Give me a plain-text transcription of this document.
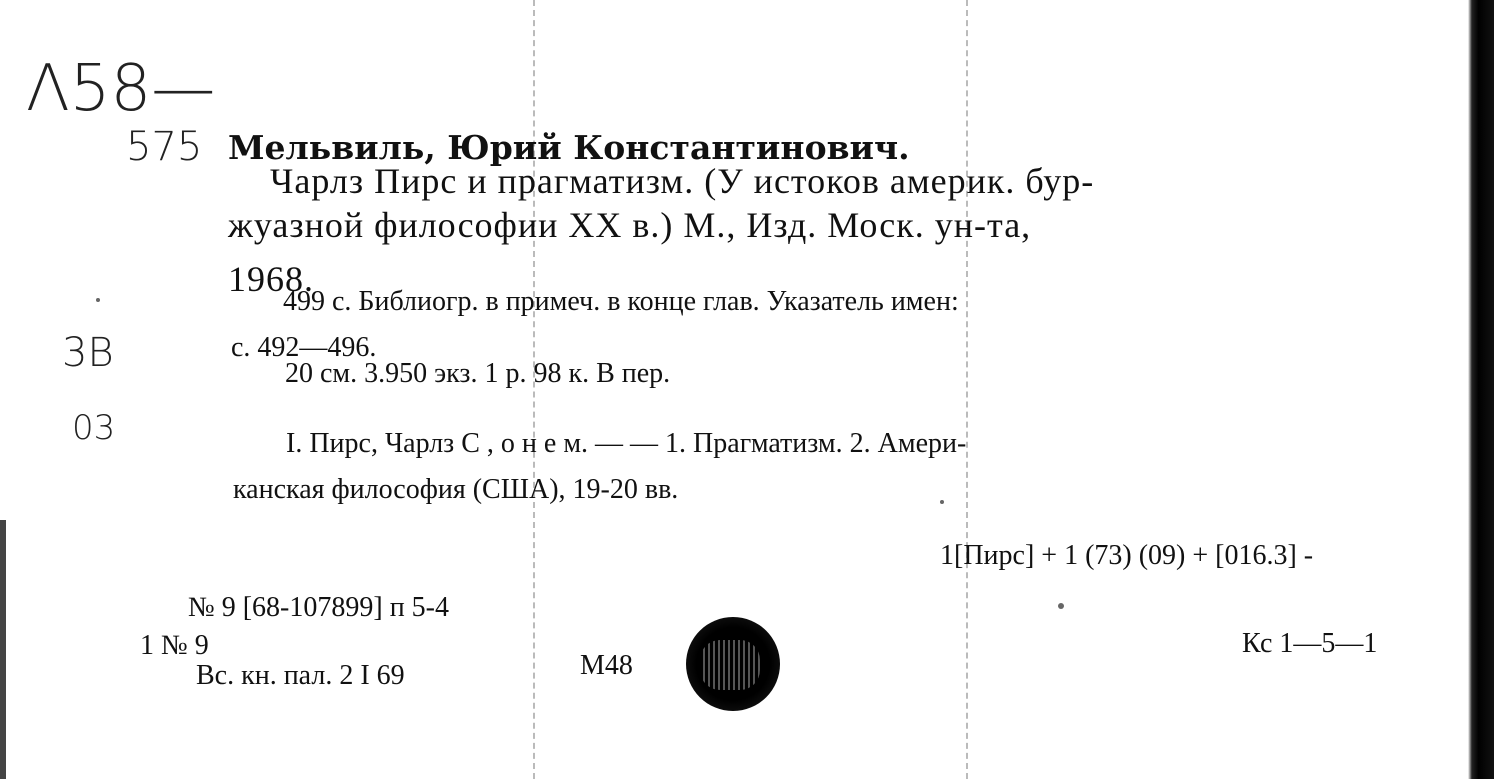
Λ58—
575
3В
03
Мельвиль, Юрий Константинович.
Чарлз Пирс и прагматизм. (У истоков америк. бур-
жуазной философии XX в.) М., Изд. Моск. ун-та,
1968.
499 с. Библиогр. в примеч. в конце глав. Указатель имен:
с. 492—496.
20 см. 3.950 экз. 1 р. 98 к. В пер.
I. Пирс, Чарлз С , о н е м. — — 1. Прагматизм. 2. Амери-
канская философия (США), 19-20 вв.
1[Пирс] + 1 (73) (09) + [016.3] -
№ 9 [68-107899] п 5-4
1 № 9
Вс. кн. пал. 2 I 69	М48
Кс 1—5—1
